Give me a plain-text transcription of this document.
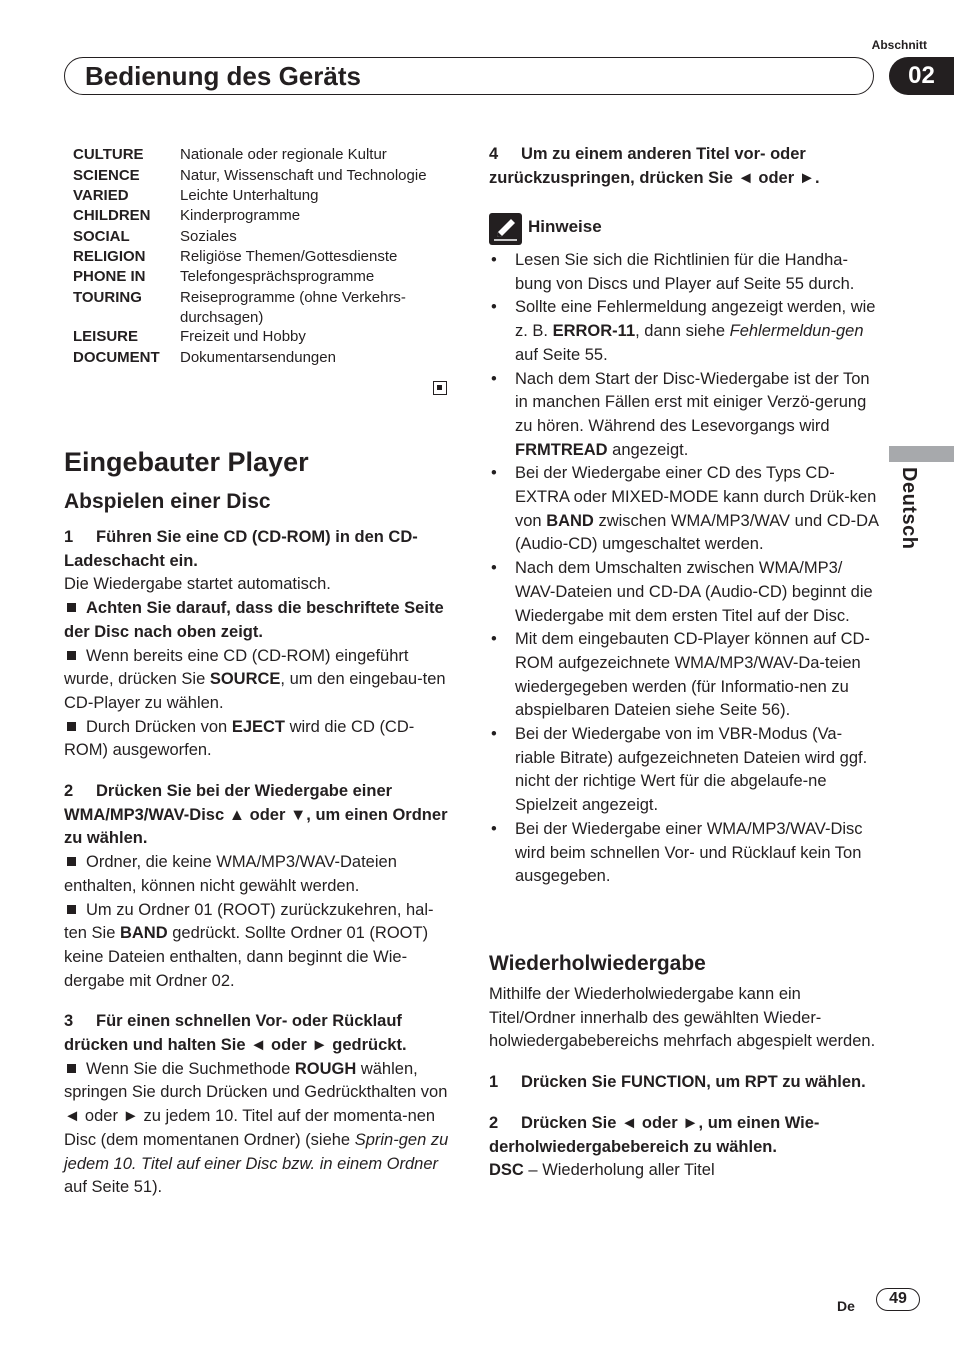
Abschnitt
Bedienung des Geräts	02
Deutsch
CULTURE Nationale oder regionale Kultur
SCIENCE	Natur, Wissenschaft und Technologie
VARIED	Leichte Unterhaltung
CHILDREN Kinderprogramme
SOCIAL	Soziales
RELIGION Religiöse Themen/Gottesdienste
PHONE IN Telefongesprächsprogramme
TOURING	Reiseprogramme (ohne Verkehrs-durchsagen)
LEISURE	Freizeit und Hobby
DOCUMENT Dokumentarsendungen
Eingebauter Player
Abspielen einer Disc

1 Führen Sie eine CD (CD-ROM) in den CD-Ladeschacht ein.

Die Wiedergabe startet automatisch.

Achten Sie darauf, dass die beschriftete Seite der Disc nach oben zeigt.

Wenn bereits eine CD (CD-ROM) eingeführt wurde, drücken Sie SOURCE, um den eingebau-ten CD-Player zu wählen.

Durch Drücken von EJECT wird die CD (CD-ROM) ausgeworfen.

2 Drücken Sie bei der Wiedergabe einer WMA/MP3/WAV-Disc ▲ oder ▼, um einen Ordner zu wählen.

Ordner, die keine WMA/MP3/WAV-Dateien enthalten, können nicht gewählt werden.

Um zu Ordner 01 (ROOT) zurückzukehren, hal-ten Sie BAND gedrückt. Sollte Ordner 01 (ROOT) keine Dateien enthalten, dann beginnt die Wie-dergabe mit Ordner 02.

3 Für einen schnellen Vor- oder Rücklauf drücken und halten Sie ◄ oder ► gedrückt.

Wenn Sie die Suchmethode ROUGH wählen, springen Sie durch Drücken und Gedrückthalten von ◄ oder ► zu jedem 10. Titel auf der momenta-nen Disc (dem momentanen Ordner) (siehe Sprin-gen zu jedem 10. Titel auf einer Disc bzw. in einem Ordner auf Seite 51).

4 Um zu einem anderen Titel vor- oder zurückzuspringen, drücken Sie ◄ oder ►.

Hinweise
• Lesen Sie sich die Richtlinien für die Handha-bung von Discs und Player auf Seite 55 durch.
• Sollte eine Fehlermeldung angezeigt werden, wie z. B. ERROR-11, dann siehe Fehlermeldun-gen auf Seite 55.
• Nach dem Start der Disc-Wiedergabe ist der Ton in manchen Fällen erst mit einiger Verzö-gerung zu hören. Während des Lesevorgangs wird FRMTREAD angezeigt.
• Bei der Wiedergabe einer CD des Typs CD-EXTRA oder MIXED-MODE kann durch Drük-ken von BAND zwischen WMA/MP3/WAV und CD-DA (Audio-CD) umgeschaltet werden.
• Nach dem Umschalten zwischen WMA/MP3/ WAV-Dateien und CD-DA (Audio-CD) beginnt die Wiedergabe mit dem ersten Titel auf der Disc.
• Mit dem eingebauten CD-Player können auf CD-ROM aufgezeichnete WMA/MP3/WAV-Da-teien wiedergegeben werden (für Informatio-nen zu abspielbaren Dateien siehe Seite 56).
• Bei der Wiedergabe von im VBR-Modus (Va-riable Bitrate) aufgezeichneten Dateien wird ggf. nicht der richtige Wert für die abgelaufe-ne Spielzeit angezeigt.
• Bei der Wiedergabe einer WMA/MP3/WAV-Disc wird beim schnellen Vor- und Rücklauf kein Ton ausgegeben.
Wiederholwiedergabe

Mithilfe der Wiederholwiedergabe kann ein Titel/Ordner innerhalb des gewählten Wieder-holwiedergabebereichs mehrfach abgespielt werden.

1 Drücken Sie FUNCTION, um RPT zu wählen.

2 Drücken Sie ◄ oder ►, um einen Wie-derholwiedergabebereich zu wählen.

DSC – Wiederholung aller Titel

De	49
